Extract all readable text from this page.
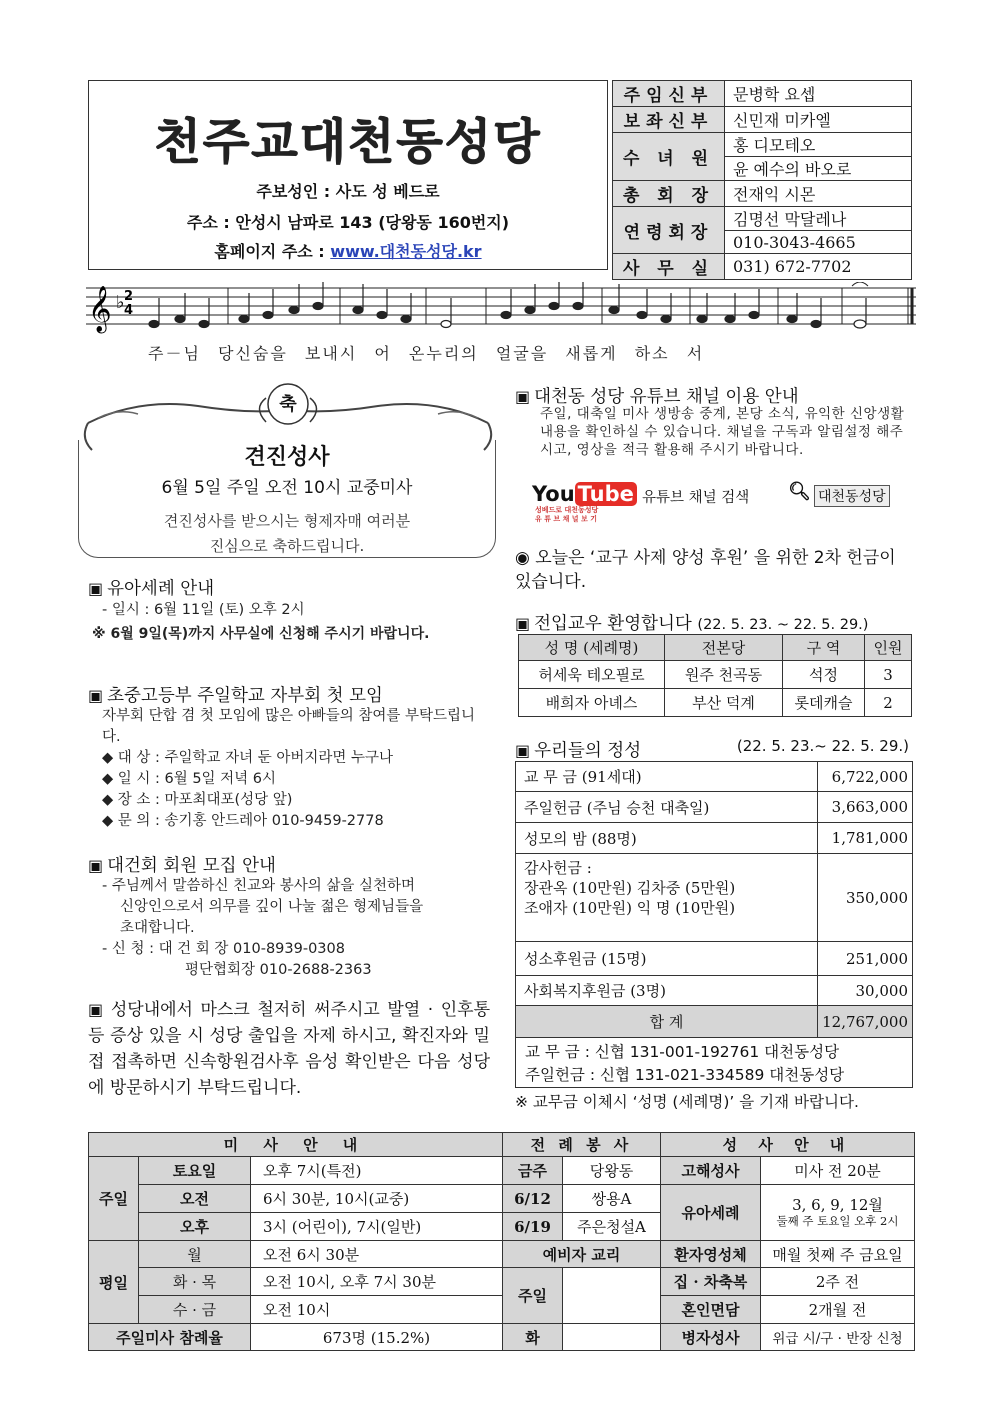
천주교대천동성당
주보성인 : 사도 성 베드로
주소 : 안성시 남파로 143 (당왕동 160번지)
홈페이지 주소 : www.대천동성당.kr
주임신부	문병학 요셉
보좌신부	신민재 미카엘
수 녀 원	홍 디모테오
	윤 예수의 바오로
총 회 장	전재익 시몬
연령회장	김명선 막달레나
	010-3043-4665
사 무 실	031) 672-7702
𝄞 ♭ 2
4
주－님 당신숨을 보내시 어 온누리의 얼굴을 새롭게 하소 서
축
견진성사
6월 5일 주일 오전 10시 교중미사
견진성사를 받으시는 형제자매 여러분
진심으로 축하드립니다.
▣ 유아세례 안내
- 일시 : 6월 11일 (토) 오후 2시
※ 6월 9일(목)까지 사무실에 신청해 주시기 바랍니다.
▣ 초중고등부 주일학교 자부회 첫 모임
자부회 단합 겸 첫 모임에 많은 아빠들의 참여를 부탁드립니다.
◆ 대 상 : 주일학교 자녀 둔 아버지라면 누구나
◆ 일 시 : 6월 5일 저녁 6시
◆ 장 소 : 마포최대포(성당 앞)
◆ 문 의 : 송기홍 안드레아 010-9459-2778
▣ 대건회 회원 모집 안내
- 주님께서 말씀하신 친교와 봉사의 삶을 실천하며
신앙인으로서 의무를 깊이 나눌 젊은 형제님들을
초대합니다.
- 신 청 : 대 건 회 장 010-8939-0308
평단협회장 010-2688-2363
▣ 성당내에서 마스크 철저히 써주시고 발열 · 인후통 등 증상 있을 시 성당 출입을 자제 하시고, 확진자와 밀접 접촉하면 신속항원검사후 음성 확인받은 다음 성당에 방문하시기 부탁드립니다.
▣ 대천동 성당 유튜브 채널 이용 안내
주일, 대축일 미사 생방송 중계, 본당 소식, 유익한 신앙생활 내용을 확인하실 수 있습니다. 채널을 구독과 알림설정 해주시고, 영상을 적극 활용해 주시기 바랍니다.
You Tube
성베드로 대천동성당
유 튜 브 채 널 보 기
유튜브 채널 검색 🔍︎ 대천동성당
◉ 오늘은 ‘교구 사제 양성 후원’ 을 위한 2차 헌금이 있습니다.
▣ 전입교우 환영합니다 (22. 5. 23. ~ 22. 5. 29.)
성 명 (세례명)	전본당	구 역	인원
허세욱 테오필로	원주 천곡동	석정	3
배희자 아녜스	부산 덕계	롯데캐슬	2
▣ 우리들의 정성	(22. 5. 23.~ 22. 5. 29.)
교 무 금 (91세대)	6,722,000
주일헌금 (주님 승천 대축일)	3,663,000
성모의 밤 (88명)	1,781,000

감사헌금 :
장관옥 (10만원) 김차중 (5만원)
조애자 (10만원) 익 명 (10만원)	350,000
성소후원금 (15명)	251,000
사회복지후원금 (3명)	30,000
합 계	12,767,000
교 무 금 : 신협 131-001-192761 대천동성당
주일헌금 : 신협 131-021-334589 대천동성당
※ 교무금 이체시 ‘성명 (세례명)’ 을 기재 바랍니다.
미 사 안 내			전 례 봉 사		성 사 안 내	
주일	토요일	오후 7시(특전)	금주	당왕동	고해성사	미사 전 20분
	오전	6시 30분, 10시(교중)	6/12	쌍용A	유아세례	3, 6, 9, 12월
둘째 주 토요일 오후 2시

	오후	3시 (어린이), 7시(일반)	6/19	주은청설A		
평일	월	오전 6시 30분	예비자 교리		환자영성체	매월 첫째 주 금요일
	화 · 목	오전 10시, 오후 7시 30분	주일		집 · 차축복	2주 전
	수 · 금	오전 10시			혼인면담	2개월 전
주일미사 참례율		673명 (15.2%)	화		병자성사	위급 시/구 · 반장 신청
